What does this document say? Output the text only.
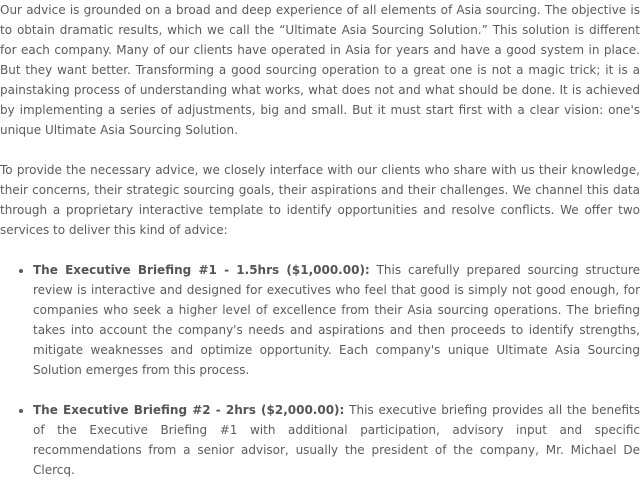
Our advice is grounded on a broad and deep experience of all elements of Asia sourcing. The objective is to obtain dramatic results, which we call the “Ultimate Asia Sourcing Solution.” This solution is different for each company. Many of our clients have operated in Asia for years and have a good system in place. But they want better. Transforming a good sourcing operation to a great one is not a magic trick; it is a painstaking process of understanding what works, what does not and what should be done. It is achieved by implementing a series of adjustments, big and small. But it must start first with a clear vision: one's unique Ultimate Asia Sourcing Solution.

To provide the necessary advice, we closely interface with our clients who share with us their knowledge, their concerns, their strategic sourcing goals, their aspirations and their challenges. We channel this data through a proprietary interactive template to identify opportunities and resolve conflicts. We offer two services to deliver this kind of advice:

• The Executive Briefing #1 - 1.5hrs ($1,000.00): This carefully prepared sourcing structure review is interactive and designed for executives who feel that good is simply not good enough, for companies who seek a higher level of excellence from their Asia sourcing operations. The briefing takes into account the company's needs and aspirations and then proceeds to identify strengths, mitigate weaknesses and optimize opportunity. Each company's unique Ultimate Asia Sourcing Solution emerges from this process.
• The Executive Briefing #2 - 2hrs ($2,000.00): This executive briefing provides all the benefits of the Executive Briefing #1 with additional participation, advisory input and specific recommendations from a senior advisor, usually the president of the company, Mr. Michael De Clercq.
